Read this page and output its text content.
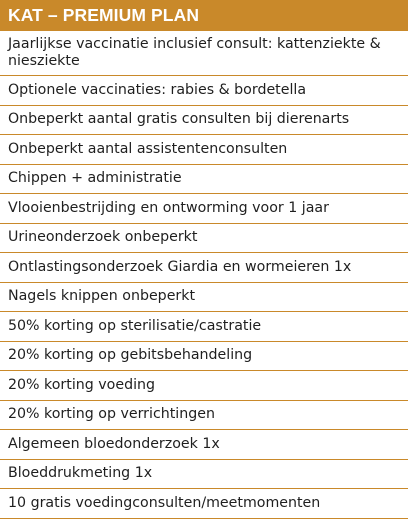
KAT – PREMIUM PLAN
Jaarlijkse vaccinatie inclusief consult: kattenziekte & niesziekte
Optionele vaccinaties: rabies & bordetella
Onbeperkt aantal gratis consulten bij dierenarts
Onbeperkt aantal assistentenconsulten
Chippen + administratie
Vlooienbestrijding en ontworming voor 1 jaar
Urineonderzoek onbeperkt
Ontlastingsonderzoek Giardia en wormeieren 1x
Nagels knippen onbeperkt
50% korting op sterilisatie/castratie
20% korting op gebitsbehandeling
20% korting voeding
20% korting op verrichtingen
Algemeen bloedonderzoek 1x
Bloeddrukmeting 1x
10 gratis voedingconsulten/meetmomenten
